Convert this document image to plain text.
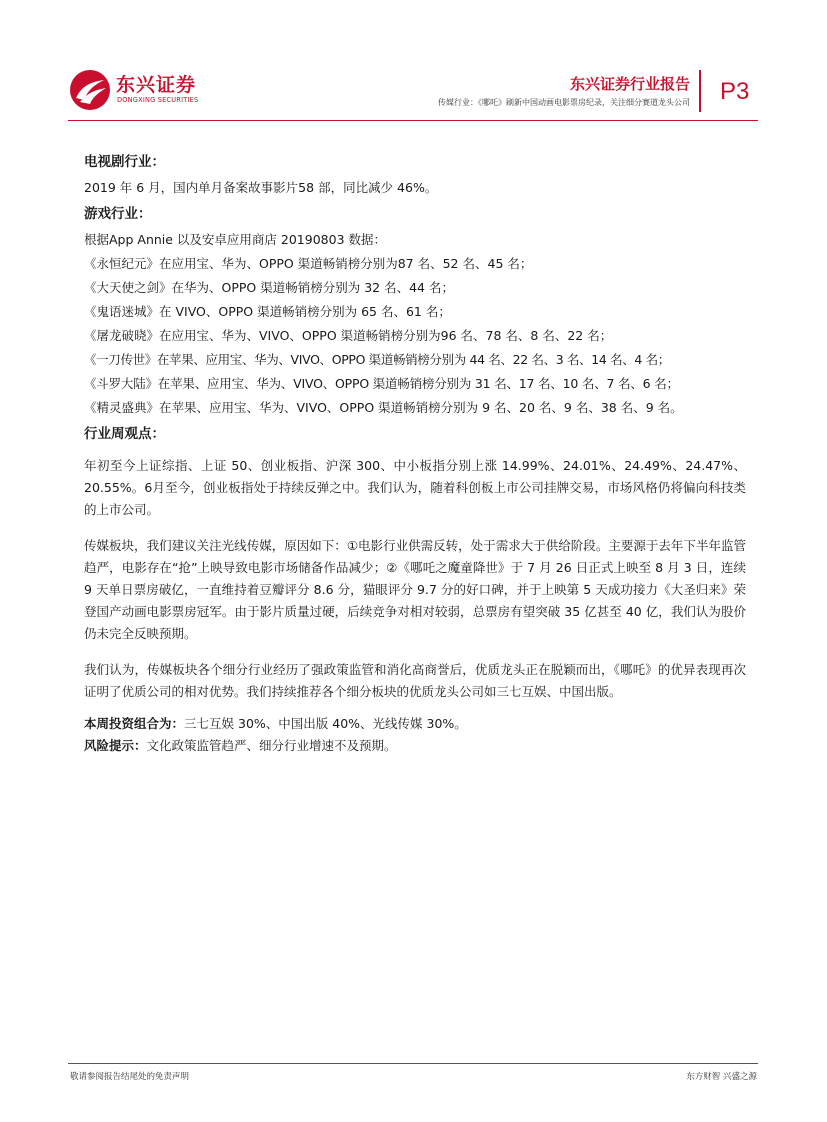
东兴证券
DONGXING SECURITIES
东兴证券行业报告
传媒行业：《哪吒》刷新中国动画电影票房纪录，关注细分赛道龙头公司 P3

电视剧行业：

2019 年 6 月，国内单月备案故事影片58 部，同比减少 46%。

游戏行业：

根据App Annie 以及安卓应用商店 20190803 数据：

《永恒纪元》在应用宝、华为、OPPO 渠道畅销榜分别为87 名、52 名、45 名；

《大天使之剑》在华为、OPPO 渠道畅销榜分别为 32 名、44 名；

《鬼语迷城》在 VIVO、OPPO 渠道畅销榜分别为 65 名、61 名；

《屠龙破晓》在应用宝、华为、VIVO、OPPO 渠道畅销榜分别为96 名、78 名、8 名、22 名；

《一刀传世》在苹果、应用宝、华为、VIVO、OPPO 渠道畅销榜分别为 44 名、22 名、3 名、14 名、4 名；

《斗罗大陆》在苹果、应用宝、华为、VIVO、OPPO 渠道畅销榜分别为 31 名、17 名、10 名、7 名、6 名；

《精灵盛典》在苹果、应用宝、华为、VIVO、OPPO 渠道畅销榜分别为 9 名、20 名、9 名、38 名、9 名。

行业周观点：

年初至今上证综指、上证 50、创业板指、沪深 300、中小板指分别上涨 14.99%、24.01%、24.49%、24.47%、20.55%。6月至今，创业板指处于持续反弹之中。我们认为，随着科创板上市公司挂牌交易，市场风格仍将偏向科技类的上市公司。

传媒板块，我们建议关注光线传媒，原因如下：①电影行业供需反转，处于需求大于供给阶段。主要源于去年下半年监管趋严，电影存在“抢”上映导致电影市场储备作品减少；②《哪吒之魔童降世》于 7 月 26 日正式上映至 8 月 3 日，连续 9 天单日票房破亿，一直维持着豆瓣评分 8.6 分，猫眼评分 9.7 分的好口碑，并于上映第 5 天成功接力《大圣归来》荣登国产动画电影票房冠军。由于影片质量过硬，后续竞争对相对较弱，总票房有望突破 35 亿甚至 40 亿，我们认为股价仍未完全反映预期。

我们认为，传媒板块各个细分行业经历了强政策监管和消化高商誉后，优质龙头正在脱颖而出，《哪吒》的优异表现再次证明了优质公司的相对优势。我们持续推荐各个细分板块的优质龙头公司如三七互娱、中国出版。

本周投资组合为：三七互娱 30%、中国出版 40%、光线传媒 30%。

风险提示：文化政策监管趋严、细分行业增速不及预期。

敬请参阅报告结尾处的免责声明	东方财智 兴盛之源
